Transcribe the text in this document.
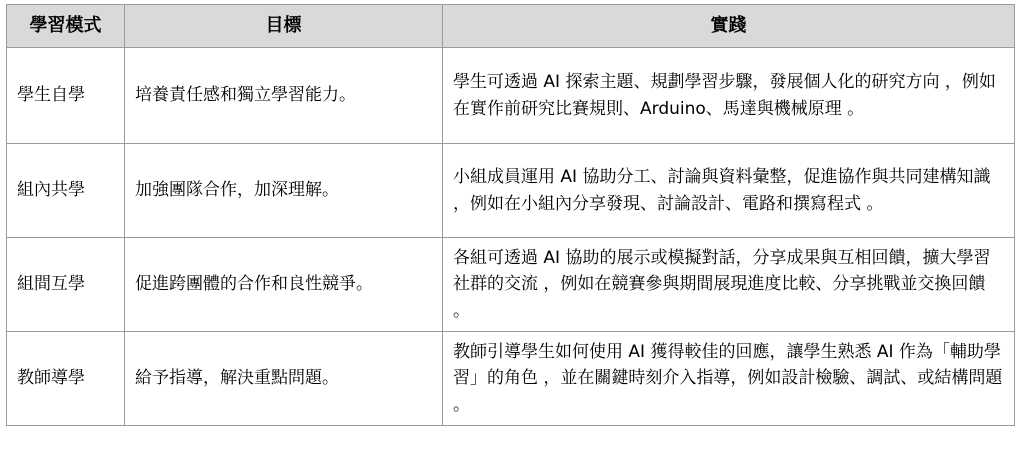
學習模式	目標	實踐
學生自學	培養責任感和獨立學習能力。	學生可透過 AI 探索主題、規劃學習步驟，發展個人化的研究方向 ，例如在實作前研究比賽規則、Arduino、馬達與機械原理 。
組內共學	加強團隊合作，加深理解。	小組成員運用 AI 協助分工、討論與資料彙整，促進協作與共同建構知識 ，例如在小組內分享發現、討論設計、電路和撰寫程式 。
組間互學	促進跨團體的合作和良性競爭。	各組可透過 AI 協助的展示或模擬對話，分享成果與互相回饋，擴大學習社群的交流 ，例如在競賽參與期間展現進度比較、分享挑戰並交換回饋 。
教師導學	給予指導，解決重點問題。	教師引導學生如何使用 AI 獲得較佳的回應，讓學生熟悉 AI 作為「輔助學習」的角色 ，並在關鍵時刻介入指導，例如設計檢驗、調試、或結構問題 。
